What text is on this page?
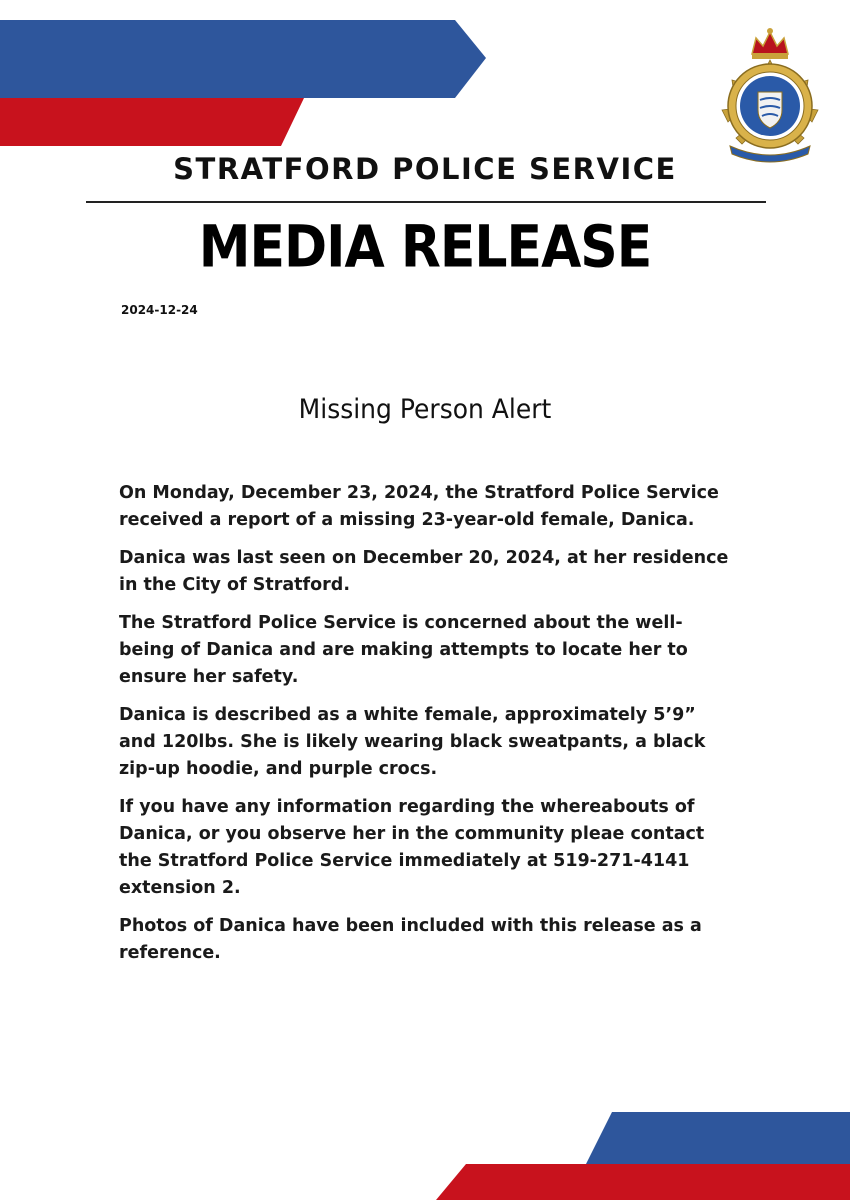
STRATFORD POLICE SERVICE
MEDIA RELEASE
2024-12-24
Missing Person Alert

On Monday, December 23, 2024, the Stratford Police Service received a report of a missing 23-year-old female, Danica.

Danica was last seen on December 20, 2024, at her residence in the City of Stratford.

The Stratford Police Service is concerned about the well-being of Danica and are making attempts to locate her to ensure her safety.

Danica is described as a white female, approximately 5’9” and 120lbs. She is likely wearing black sweatpants, a black zip-up hoodie, and purple crocs.

If you have any information regarding the whereabouts of Danica, or you observe her in the community pleae contact the Stratford Police Service immediately at 519-271-4141 extension 2.

Photos of Danica have been included with this release as a reference.
